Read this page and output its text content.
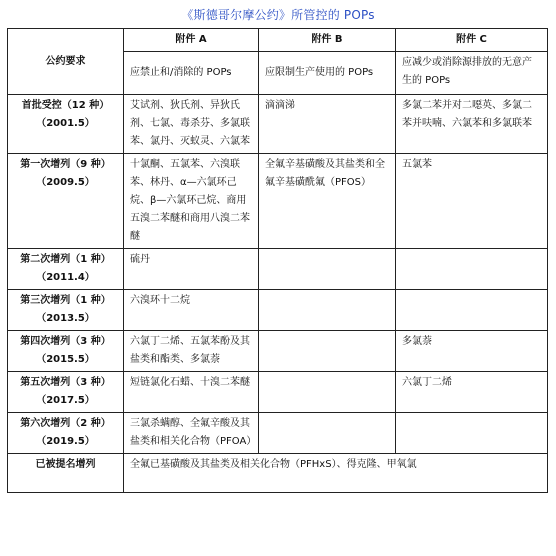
《斯德哥尔摩公约》所管控的 POPs
公约要求	附件 A	附件 B	附件 C
	应禁止和/消除的 POPs	应限制生产使用的 POPs	应减少或消除源排放的无意产生的 POPs

首批受控（12 种）
（2001.5）	艾试剂、狄氏剂、异狄氏剂、七氯、毒杀芬、多氯联苯、氯丹、灭蚁灵、六氯苯	滴滴涕	多氯二苯并对二噁英、多氯二苯并呋喃、六氯苯和多氯联苯

第一次增列（9 种）
（2009.5）	十氯酮、五氯苯、六溴联苯、林丹、α—六氯环己烷、β—六氯环己烷、商用五溴二苯醚和商用八溴二苯醚	全氟辛基磺酸及其盐类和全氟辛基磺酰氟（PFOS）	五氯苯

第二次增列（1 种）
（2011.4）	硫丹		

第三次增列（1 种）
（2013.5）	六溴环十二烷		

第四次增列（3 种）
（2015.5）	六氯丁二烯、五氯苯酚及其盐类和酯类、多氯萘		多氯萘

第五次增列（3 种）
（2017.5）	短链氯化石蜡、十溴二苯醚		六氯丁二烯

第六次增列（2 种）
（2019.5）	三氯杀螨醇、全氟辛酸及其盐类和相关化合物（PFOA）		
已被提名增列	全氟已基磺酸及其盐类及相关化合物（PFHxS）、得克隆、甲氧氯		
